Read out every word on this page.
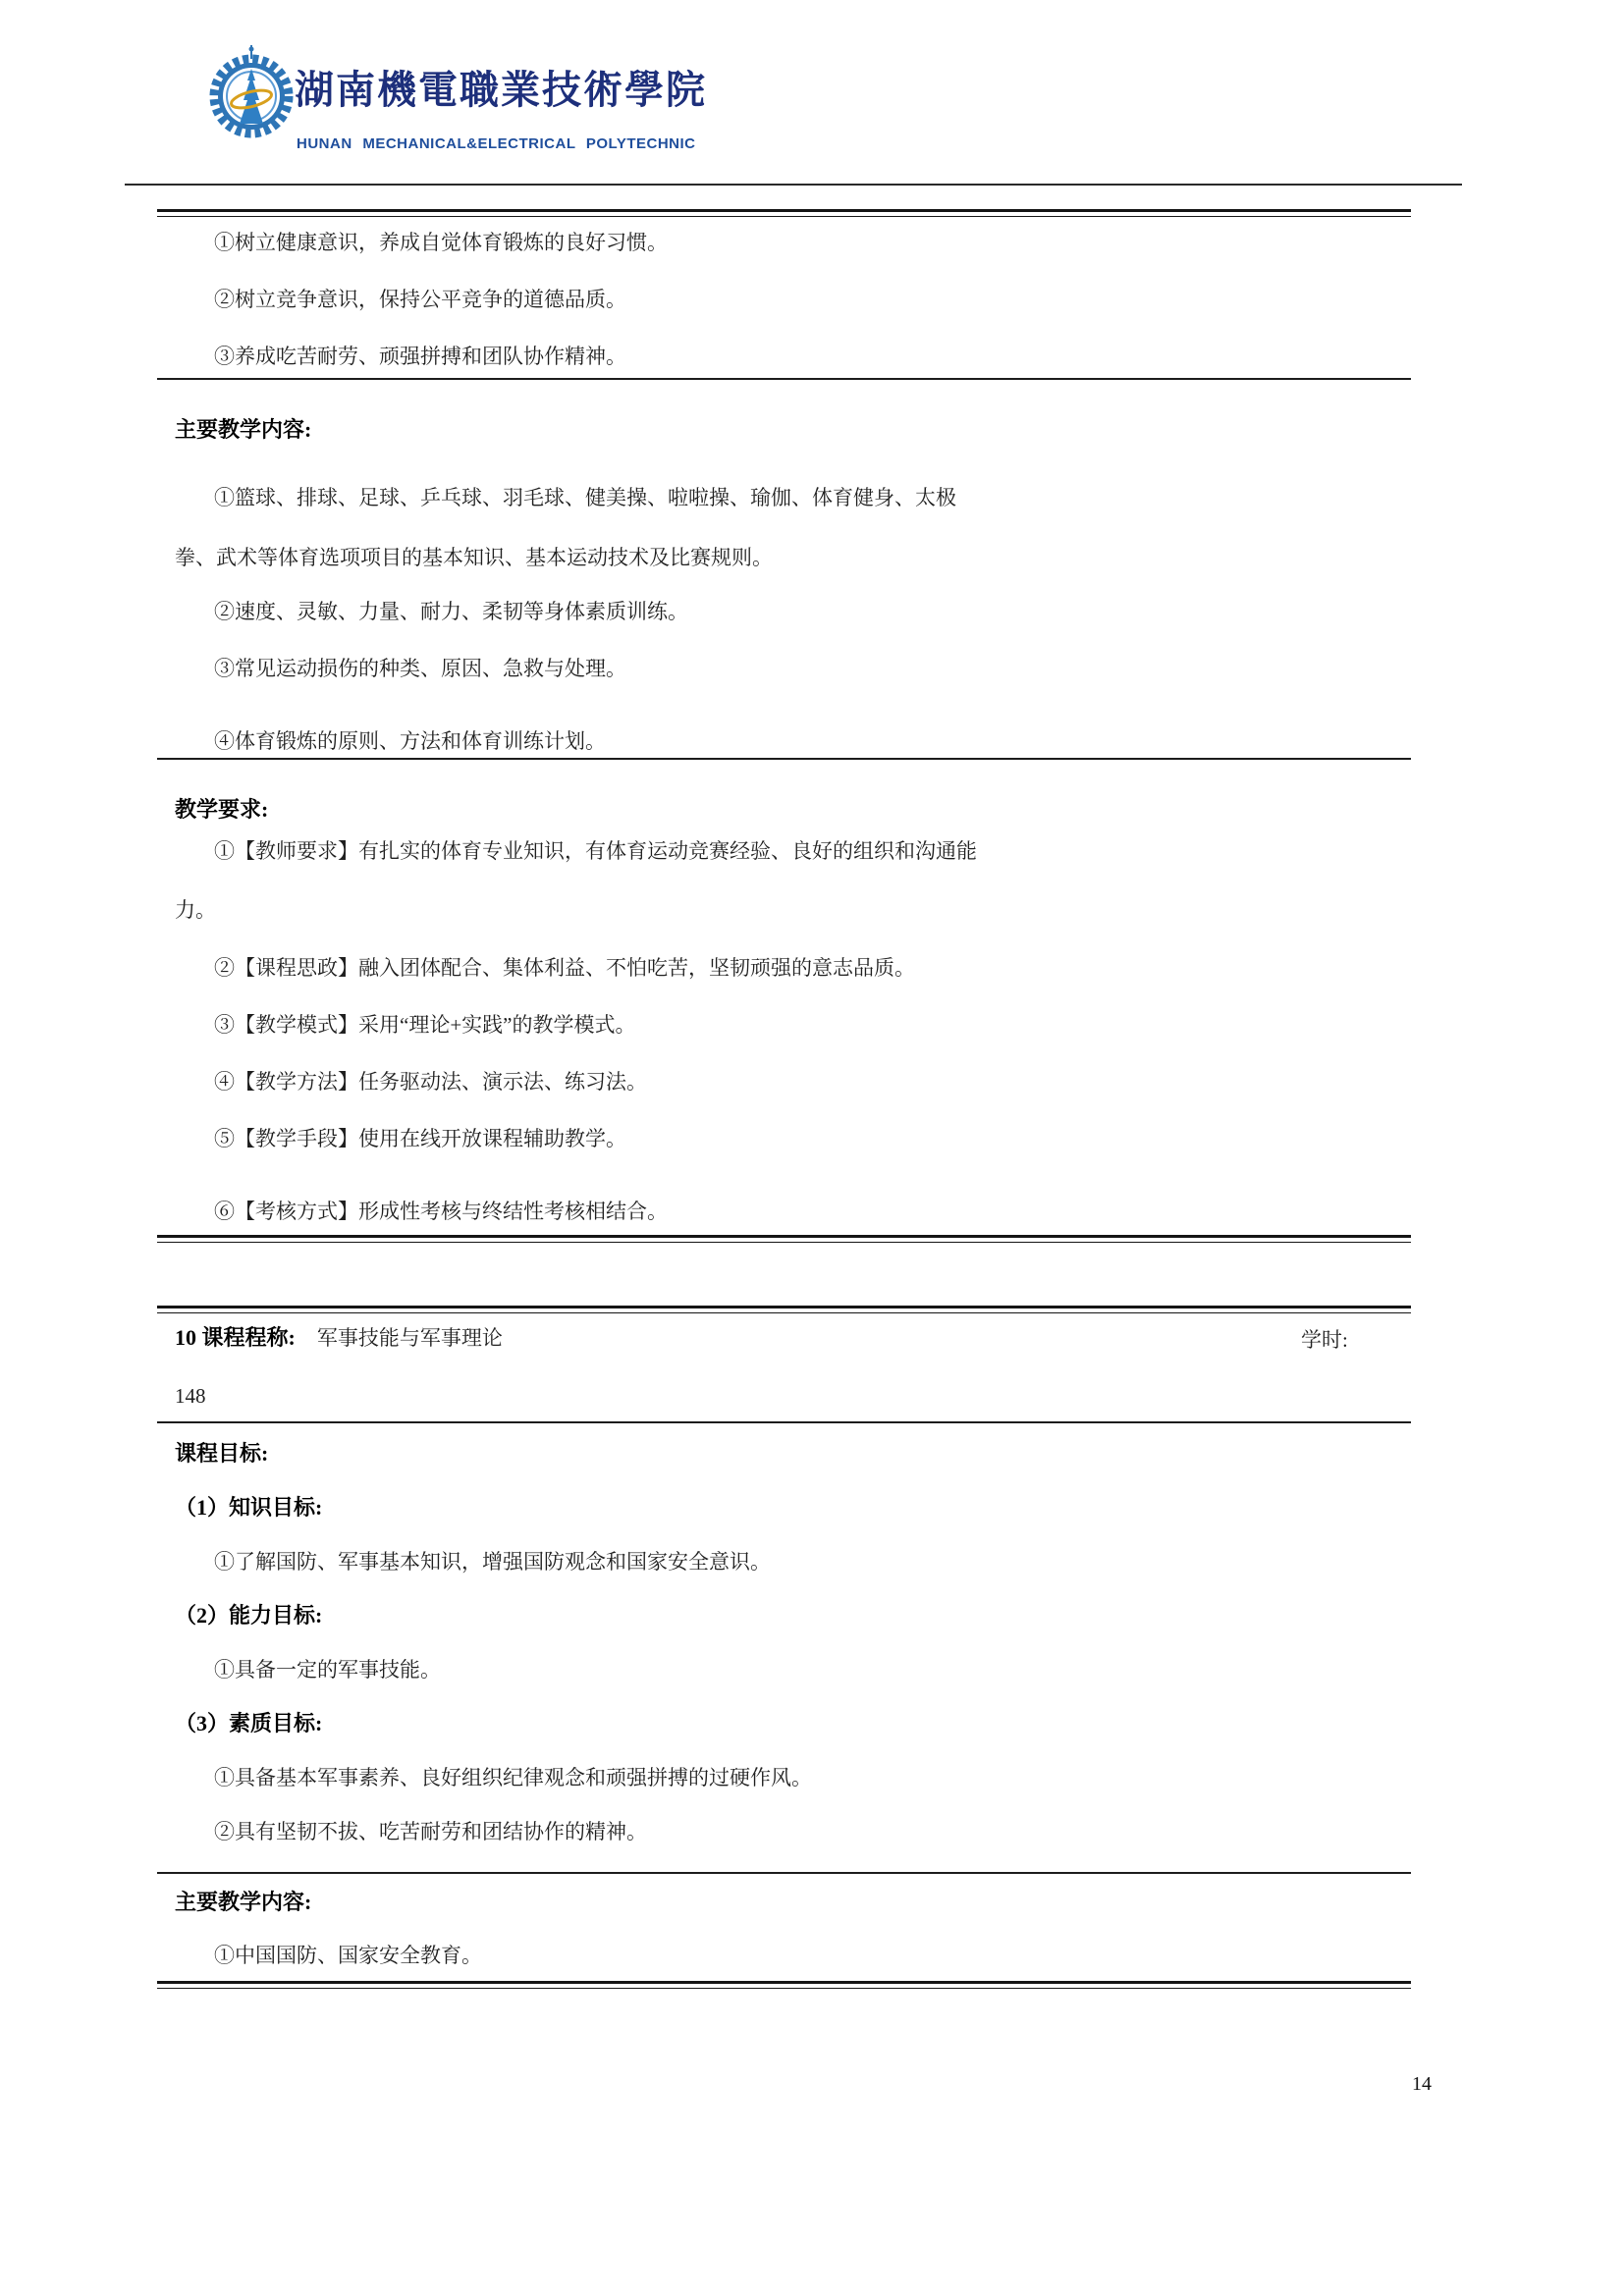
湖南機電職業技術學院
HUNAN MECHANICAL&ELECTRICAL POLYTECHNIC
①树立健康意识，养成自觉体育锻炼的良好习惯。
②树立竞争意识，保持公平竞争的道德品质。
③养成吃苦耐劳、顽强拼搏和团队协作精神。
主要教学内容:
①篮球、排球、足球、乒乓球、羽毛球、健美操、啦啦操、瑜伽、体育健身、太极
拳、武术等体育选项项目的基本知识、基本运动技术及比赛规则。
②速度、灵敏、力量、耐力、柔韧等身体素质训练。
③常见运动损伤的种类、原因、急救与处理。
④体育锻炼的原则、方法和体育训练计划。
教学要求:
①【教师要求】有扎实的体育专业知识，有体育运动竞赛经验、良好的组织和沟通能
力。
②【课程思政】融入团体配合、集体利益、不怕吃苦，坚韧顽强的意志品质。
③【教学模式】采用“理论+实践”的教学模式。
④【教学方法】任务驱动法、演示法、练习法。
⑤【教学手段】使用在线开放课程辅助教学。
⑥【考核方式】形成性考核与终结性考核相结合。
10 课程程称: 军事技能与军事理论	学时:
148
课程目标:
（1）知识目标:
①了解国防、军事基本知识，增强国防观念和国家安全意识。
（2）能力目标:
①具备一定的军事技能。
（3）素质目标:
①具备基本军事素养、良好组织纪律观念和顽强拼搏的过硬作风。
②具有坚韧不拔、吃苦耐劳和团结协作的精神。
主要教学内容:
①中国国防、国家安全教育。
14
